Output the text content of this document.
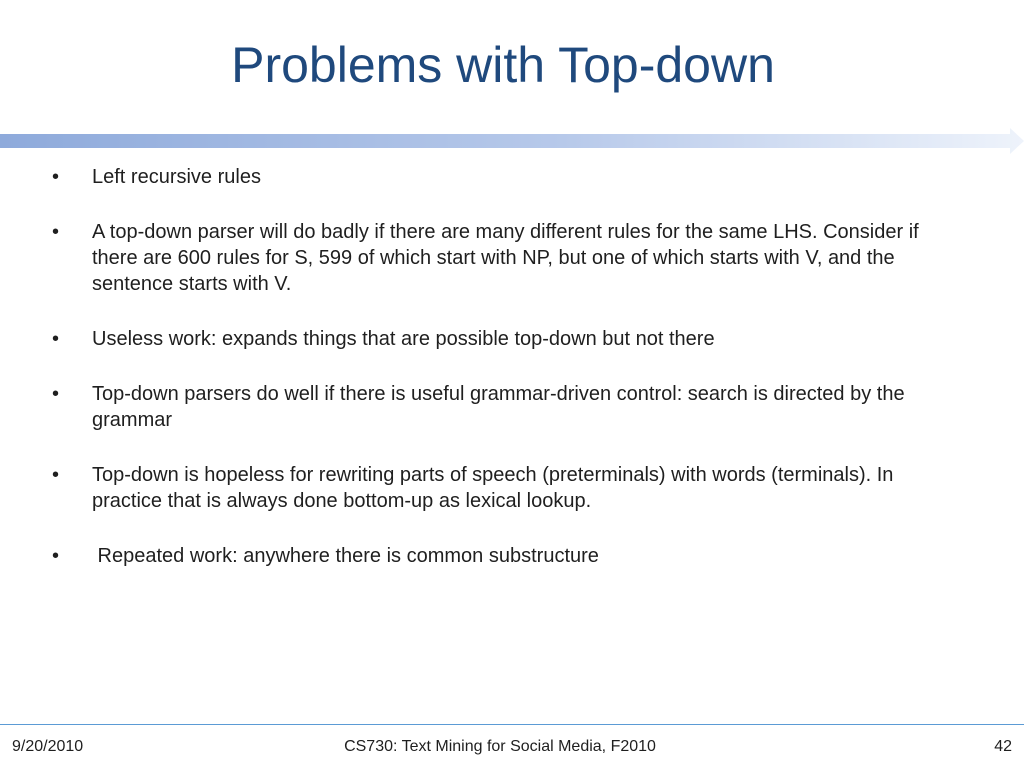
Problems with Top-down
•	Left recursive rules
•	A top-down parser will do badly if there are many different rules for the same LHS. Consider if there are 600 rules for S, 599 of which start with NP, but one of which starts with V, and the sentence starts with V.
•	Useless work: expands things that are possible top-down but not there
•	Top-down parsers do well if there is useful grammar-driven control: search is directed by the grammar
•	Top-down is hopeless for rewriting parts of speech (preterminals) with words (terminals). In practice that is always done bottom-up as lexical lookup.
•	Repeated work: anywhere there is common substructure
9/20/2010	CS730: Text Mining for Social Media, F2010	42
